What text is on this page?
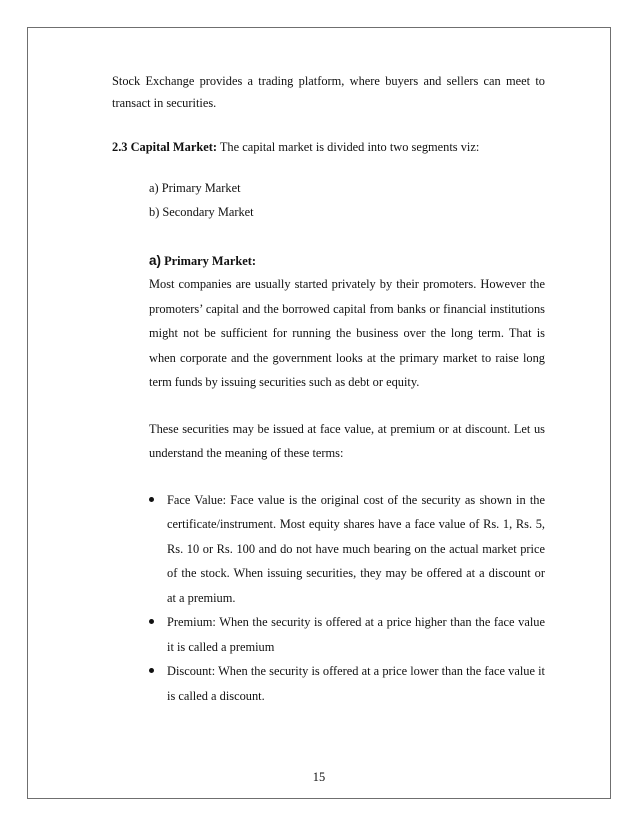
Stock Exchange provides a trading platform, where buyers and sellers can meet to transact in securities.

2.3 Capital Market: The capital market is divided into two segments viz:

a) Primary Market
b) Secondary Market

a) Primary Market:

Most companies are usually started privately by their promoters. However the promoters’ capital and the borrowed capital from banks or financial institutions might not be sufficient for running the business over the long term. That is when corporate and the government looks at the primary market to raise long term funds by issuing securities such as debt or equity.

These securities may be issued at face value, at premium or at discount. Let us understand the meaning of these terms:

Face Value: Face value is the original cost of the security as shown in the certificate/instrument. Most equity shares have a face value of Rs. 1, Rs. 5, Rs. 10 or Rs. 100 and do not have much bearing on the actual market price of the stock. When issuing securities, they may be offered at a discount or at a premium.
Premium: When the security is offered at a price higher than the face value it is called a premium
Discount: When the security is offered at a price lower than the face value it is called a discount.
15
